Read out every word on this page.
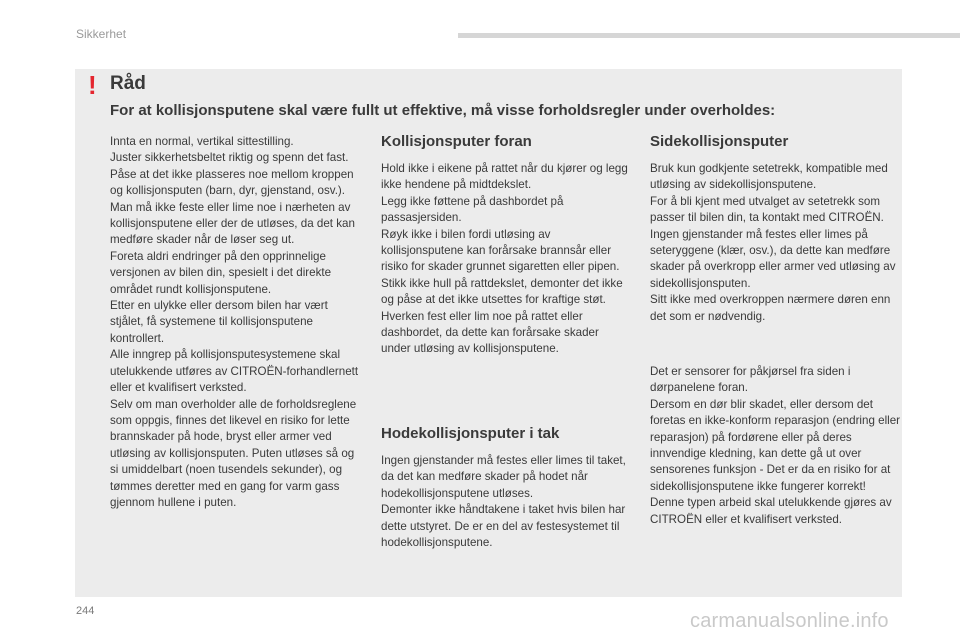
Sikkerhet
! Råd
For at kollisjonsputene skal være fullt ut effektive, må visse forholdsregler under overholdes:

Innta en normal, vertikal sittestilling.
Juster sikkerhetsbeltet riktig og spenn det fast.
Påse at det ikke plasseres noe mellom kroppen og kollisjonsputen (barn, dyr, gjenstand, osv.). Man må ikke feste eller lime noe i nærheten av kollisjonsputene eller der de utløses, da det kan medføre skader når de løser seg ut.
Foreta aldri endringer på den opprinnelige versjonen av bilen din, spesielt i det direkte området rundt kollisjonsputene.
Etter en ulykke eller dersom bilen har vært stjålet, få systemene til kollisjonsputene kontrollert.
Alle inngrep på kollisjonsputesystemene skal utelukkende utføres av CITROËN-forhandlernett eller et kvalifisert verksted.
Selv om man overholder alle de forholdsreglene som oppgis, finnes det likevel en risiko for lette brannskader på hode, bryst eller armer ved utløsing av kollisjonsputen. Puten utløses så og si umiddelbart (noen tusendels sekunder), og tømmes deretter med en gang for varm gass gjennom hullene i puten.

Kollisjonsputer foran

Hold ikke i eikene på rattet når du kjører og legg ikke hendene på midtdekslet.
Legg ikke føttene på dashbordet på passasjersiden.
Røyk ikke i bilen fordi utløsing av kollisjonsputene kan forårsake brannsår eller risiko for skader grunnet sigaretten eller pipen.
Stikk ikke hull på rattdekslet, demonter det ikke og påse at det ikke utsettes for kraftige støt.
Hverken fest eller lim noe på rattet eller dashbordet, da dette kan forårsake skader under utløsing av kollisjonsputene.

Hodekollisjonsputer i tak

Ingen gjenstander må festes eller limes til taket, da det kan medføre skader på hodet når hodekollisjonsputene utløses.
Demonter ikke håndtakene i taket hvis bilen har dette utstyret. De er en del av festesystemet til hodekollisjonsputene.

Sidekollisjonsputer

Bruk kun godkjente setetrekk, kompatible med utløsing av sidekollisjonsputene.
For å bli kjent med utvalget av setetrekk som passer til bilen din, ta kontakt med CITROËN.
Ingen gjenstander må festes eller limes på seteryggene (klær, osv.), da dette kan medføre skader på overkropp eller armer ved utløsing av sidekollisjonsputen.
Sitt ikke med overkroppen nærmere døren enn det som er nødvendig.

Det er sensorer for påkjørsel fra siden i dørpanelene foran.
Dersom en dør blir skadet, eller dersom det foretas en ikke-konform reparasjon (endring eller reparasjon) på fordørene eller på deres innvendige kledning, kan dette gå ut over sensorenes funksjon - Det er da en risiko for at sidekollisjonsputene ikke fungerer korrekt!
Denne typen arbeid skal utelukkende gjøres av CITROËN eller et kvalifisert verksted.

244	carmanualsonline.info
